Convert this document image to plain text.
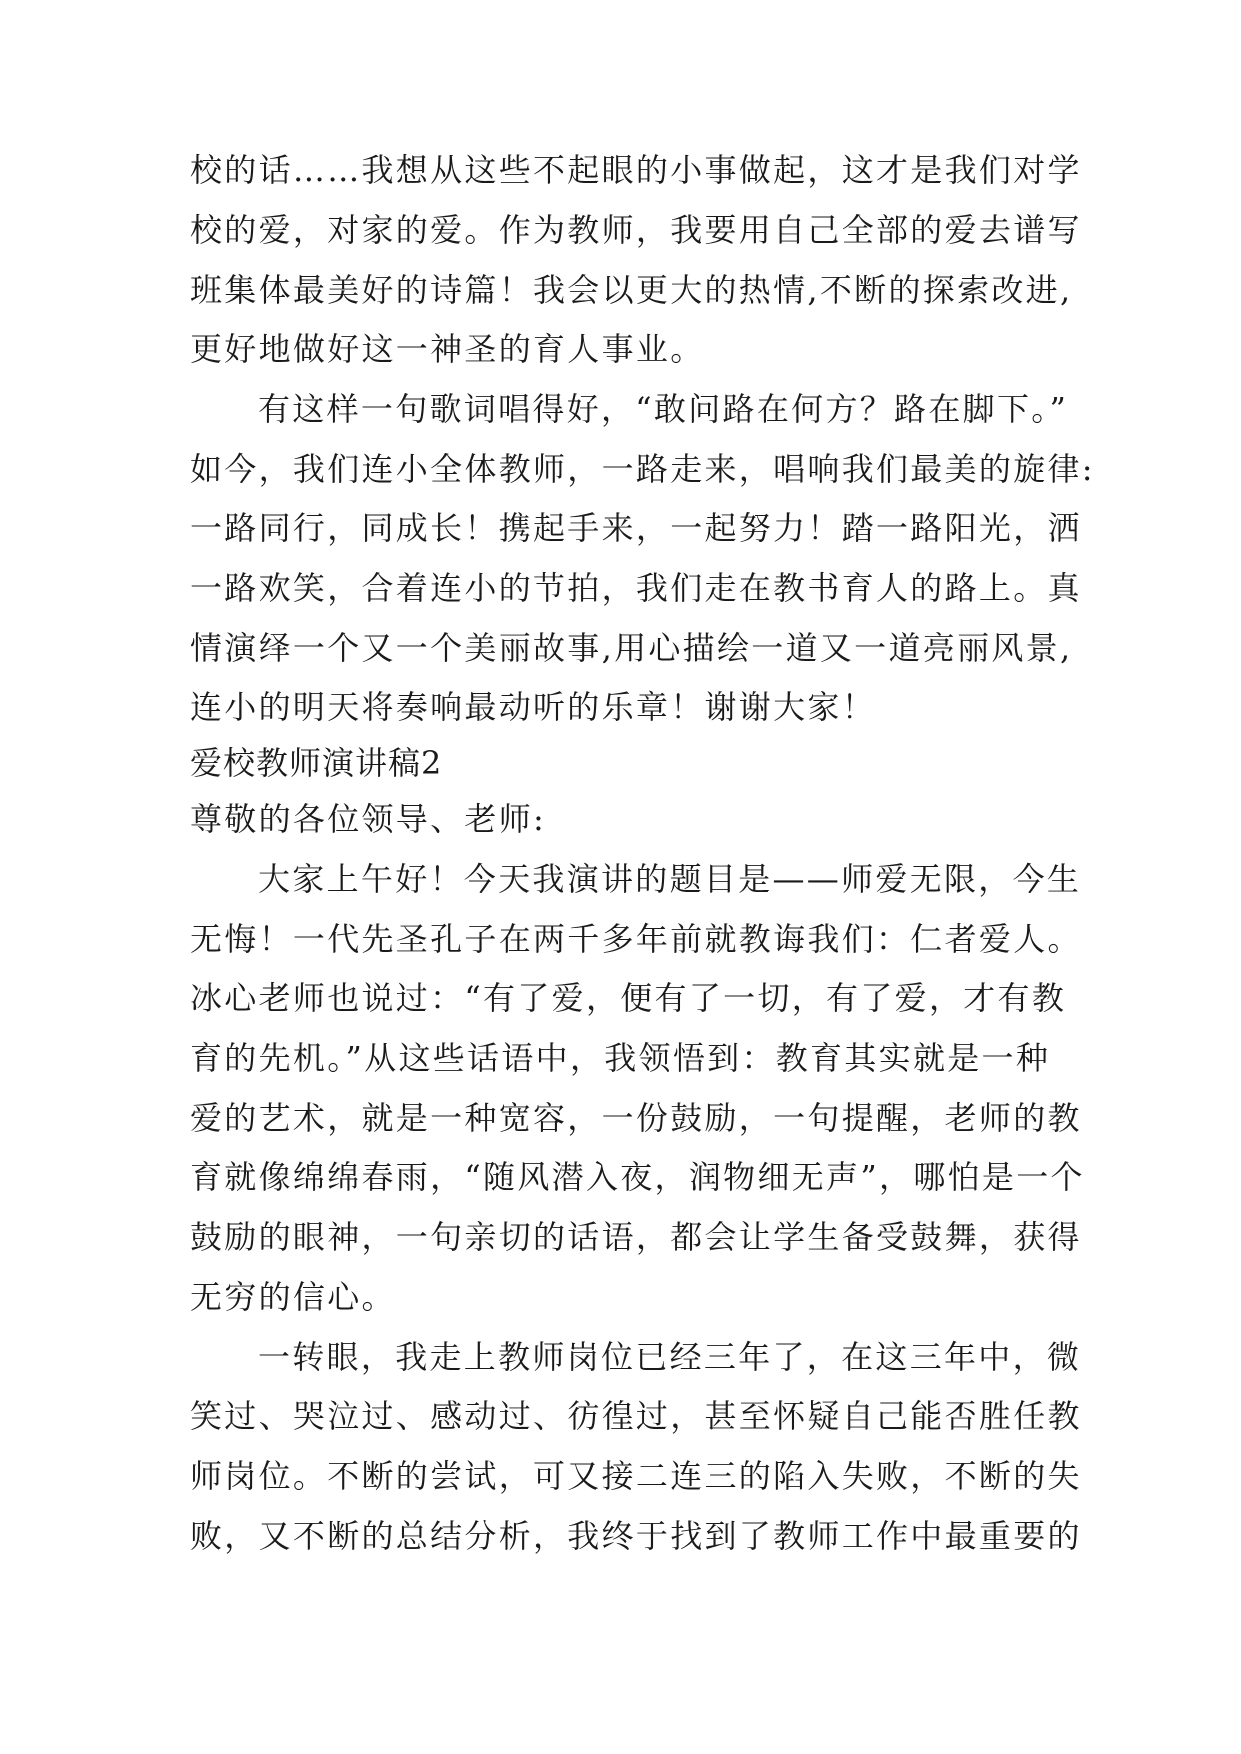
校的话……我想从这些不起眼的小事做起，这才是我们对学
校的爱，对家的爱。作为教师，我要用自己全部的爱去谱写
班集体最美好的诗篇！我会以更大的热情,不断的探索改进,
更好地做好这一神圣的育人事业。
有这样一句歌词唱得好，“敢问路在何方？路在脚下。”
如今，我们连小全体教师，一路走来，唱响我们最美的旋律:
一路同行，同成长！携起手来，一起努力！踏一路阳光，洒
一路欢笑，合着连小的节拍，我们走在教书育人的路上。真
情演绎一个又一个美丽故事,用心描绘一道又一道亮丽风景,
连小的明天将奏响最动听的乐章！谢谢大家！
爱校教师演讲稿2
尊敬的各位领导、老师:
大家上午好！今天我演讲的题目是——师爱无限，今生
无悔！一代先圣孔子在两千多年前就教诲我们：仁者爱人。
冰心老师也说过：“有了爱，便有了一切，有了爱，才有教
育的先机。”从这些话语中，我领悟到：教育其实就是一种
爱的艺术，就是一种宽容，一份鼓励，一句提醒，老师的教
育就像绵绵春雨，“随风潜入夜，润物细无声”，哪怕是一个
鼓励的眼神，一句亲切的话语，都会让学生备受鼓舞，获得
无穷的信心。
一转眼，我走上教师岗位已经三年了，在这三年中，微
笑过、哭泣过、感动过、彷徨过，甚至怀疑自己能否胜任教
师岗位。不断的尝试，可又接二连三的陷入失败，不断的失
败，又不断的总结分析，我终于找到了教师工作中最重要的
